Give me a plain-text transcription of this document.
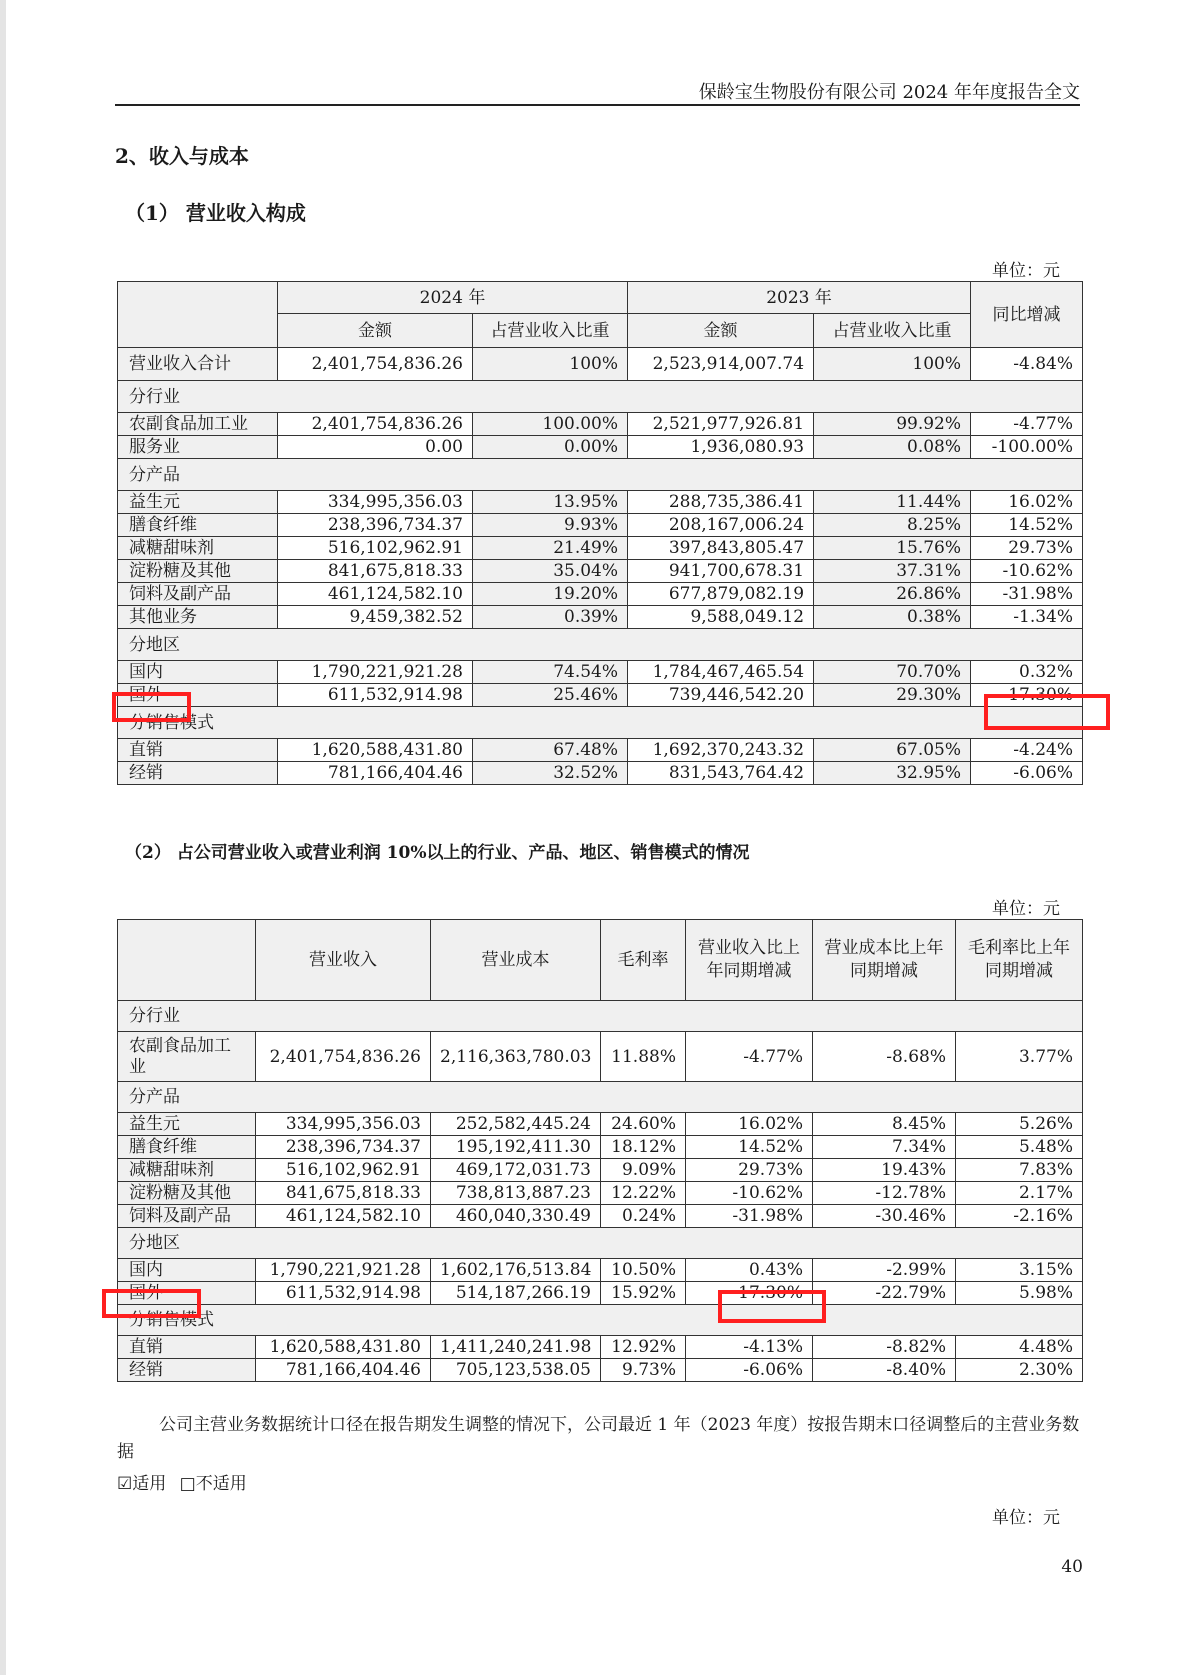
保龄宝生物股份有限公司 2024 年年度报告全文
2、收入与成本
（1） 营业收入构成
单位：元
	2024 年		2023 年		同比增减
	金额	占营业收入比重	金额	占营业收入比重	
营业收入合计	2,401,754,836.26	100%	2,523,914,007.74	100%	-4.84%
分行业					
农副食品加工业	2,401,754,836.26	100.00%	2,521,977,926.81	99.92%	-4.77%
服务业	0.00	0.00%	1,936,080.93	0.08%	-100.00%
分产品					
益生元	334,995,356.03	13.95%	288,735,386.41	11.44%	16.02%
膳食纤维	238,396,734.37	9.93%	208,167,006.24	8.25%	14.52%
减糖甜味剂	516,102,962.91	21.49%	397,843,805.47	15.76%	29.73%
淀粉糖及其他	841,675,818.33	35.04%	941,700,678.31	37.31%	-10.62%
饲料及副产品	461,124,582.10	19.20%	677,879,082.19	26.86%	-31.98%
其他业务	9,459,382.52	0.39%	9,588,049.12	0.38%	-1.34%
分地区					
国内	1,790,221,921.28	74.54%	1,784,467,465.54	70.70%	0.32%
国外	611,532,914.98	25.46%	739,446,542.20	29.30%	-17.30%
分销售模式					
直销	1,620,588,431.80	67.48%	1,692,370,243.32	67.05%	-4.24%
经销	781,166,404.46	32.52%	831,543,764.42	32.95%	-6.06%
（2） 占公司营业收入或营业利润 10%以上的行业、产品、地区、销售模式的情况
单位：元
	营业收入	营业成本	毛利率	营业收入比上年同期增减	营业成本比上年同期增减	毛利率比上年同期增减
分行业						
农副食品加工业	2,401,754,836.26	2,116,363,780.03	11.88%	-4.77%	-8.68%	3.77%
分产品						
益生元	334,995,356.03	252,582,445.24	24.60%	16.02%	8.45%	5.26%
膳食纤维	238,396,734.37	195,192,411.30	18.12%	14.52%	7.34%	5.48%
减糖甜味剂	516,102,962.91	469,172,031.73	9.09%	29.73%	19.43%	7.83%
淀粉糖及其他	841,675,818.33	738,813,887.23	12.22%	-10.62%	-12.78%	2.17%
饲料及副产品	461,124,582.10	460,040,330.49	0.24%	-31.98%	-30.46%	-2.16%
分地区						
国内	1,790,221,921.28	1,602,176,513.84	10.50%	0.43%	-2.99%	3.15%
国外	611,532,914.98	514,187,266.19	15.92%	-17.30%	-22.79%	5.98%
分销售模式						
直销	1,620,588,431.80	1,411,240,241.98	12.92%	-4.13%	-8.82%	4.48%
经销	781,166,404.46	705,123,538.05	9.73%	-6.06%	-8.40%	2.30%
公司主营业务数据统计口径在报告期发生调整的情况下，公司最近 1 年（2023 年度）按报告期末口径调整后的主营业务数据
☑适用 □不适用
单位：元
40
